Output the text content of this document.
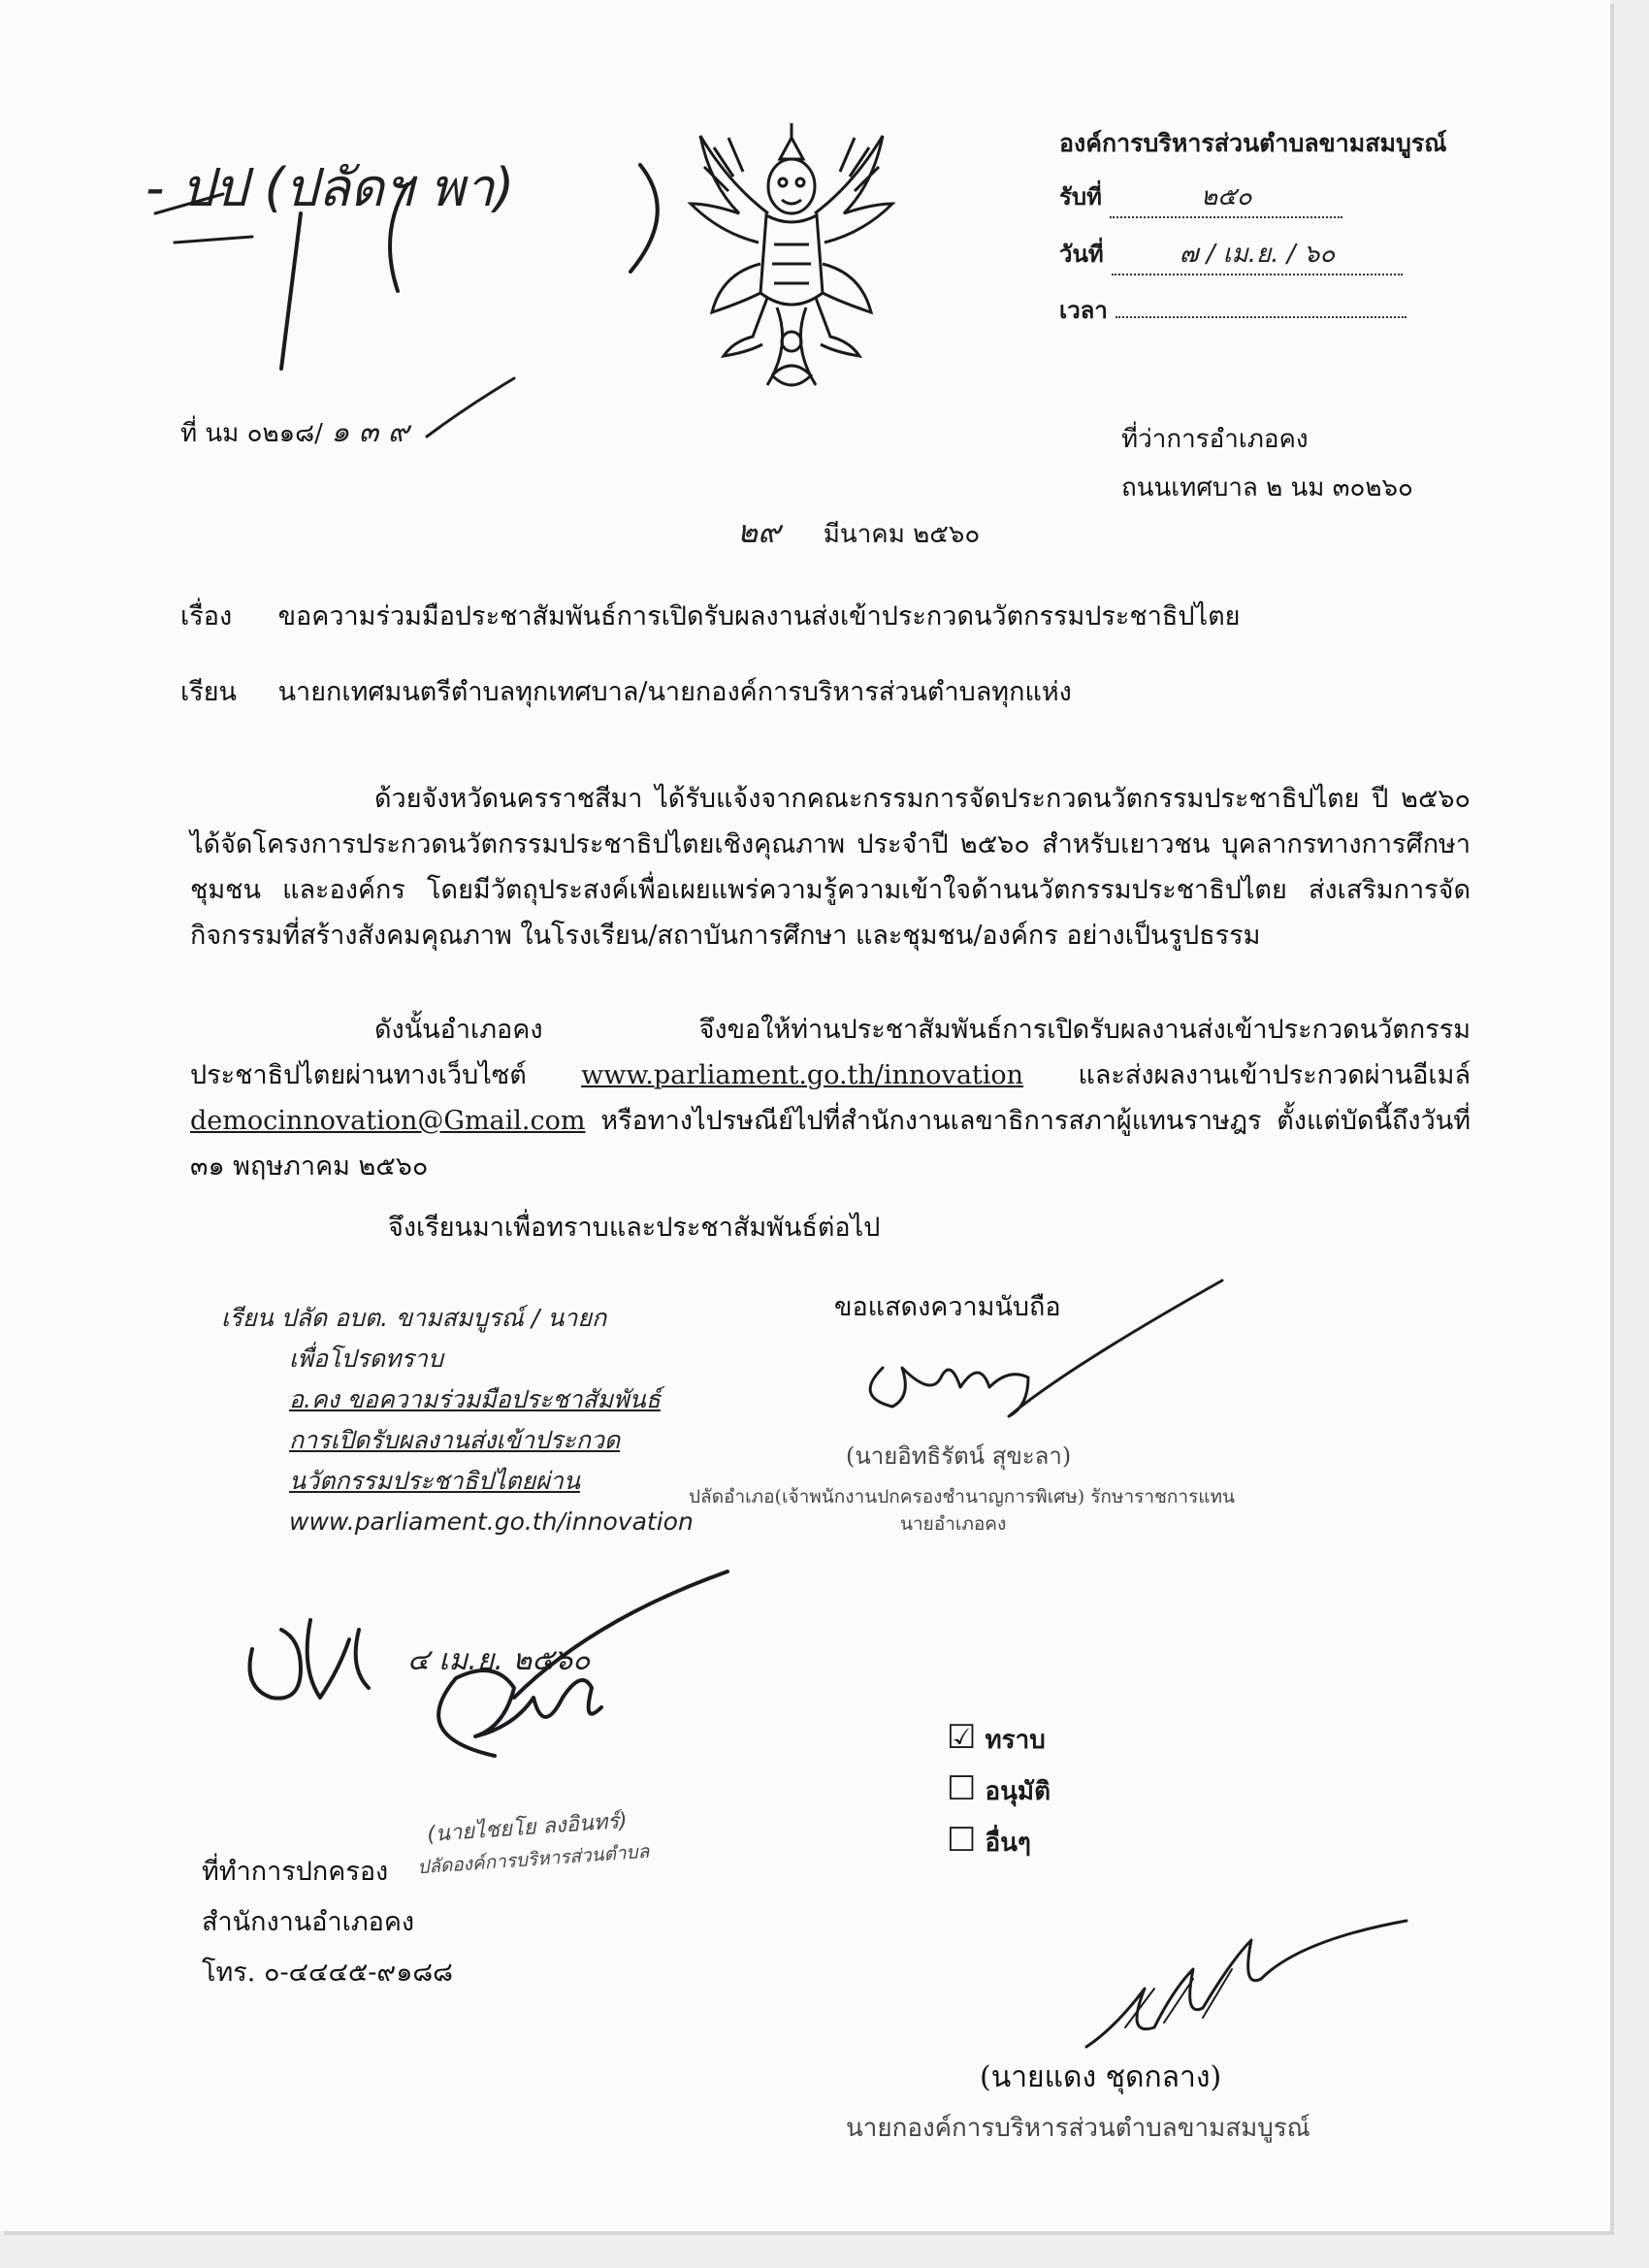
องค์การบริหารส่วนตำบลขามสมบูรณ์
รับที่	๒๕๐
วันที่	๗ / เม.ย. / ๖๐
เวลา
- ปป (ปลัดฯ พา)
ที่ นม ๐๒๑๘/ ๑ ๓ ๙	ที่ว่าการอำเภอคง
ถนนเทศบาล ๒ นม ๓๐๒๖๐
๒๙ มีนาคม ๒๕๖๐
เรื่อง ขอความร่วมมือประชาสัมพันธ์การเปิดรับผลงานส่งเข้าประกวดนวัตกรรมประชาธิปไตย
เรียน นายกเทศมนตรีตำบลทุกเทศบาล/นายกองค์การบริหารส่วนตำบลทุกแห่ง
ด้วยจังหวัดนครราชสีมา ได้รับแจ้งจากคณะกรรมการจัดประกวดนวัตกรรมประชาธิปไตย ปี ๒๕๖๐ ได้จัดโครงการประกวดนวัตกรรมประชาธิปไตยเชิงคุณภาพ ประจำปี ๒๕๖๐ สำหรับเยาวชน บุคลากรทางการศึกษา ชุมชน และองค์กร โดยมีวัตถุประสงค์เพื่อเผยแพร่ความรู้ความเข้าใจด้านนวัตกรรมประชาธิปไตย ส่งเสริมการจัดกิจกรรมที่สร้างสังคมคุณภาพ ในโรงเรียน/สถาบันการศึกษา และชุมชน/องค์กร อย่างเป็นรูปธรรม
ดังนั้นอำเภอคง จึงขอให้ท่านประชาสัมพันธ์การเปิดรับผลงานส่งเข้าประกวดนวัตกรรมประชาธิปไตยผ่านทางเว็บไซต์ www.parliament.go.th/innovation และส่งผลงานเข้าประกวดผ่านอีเมล์ democinnovation@Gmail.com หรือทางไปรษณีย์ไปที่สำนักงานเลขาธิการสภาผู้แทนราษฎร ตั้งแต่บัดนี้ถึงวันที่ ๓๑ พฤษภาคม ๒๕๖๐
จึงเรียนมาเพื่อทราบและประชาสัมพันธ์ต่อไป
เรียน ปลัด อบต. ขามสมบูรณ์ / นายก
เพื่อโปรดทราบ
อ.คง ขอความร่วมมือประชาสัมพันธ์
การเปิดรับผลงานส่งเข้าประกวด
นวัตกรรมประชาธิปไตยผ่าน
www.parliament.go.th/innovation
๔ เม.ย. ๒๕๖๐
ขอแสดงความนับถือ
(นายอิทธิรัตน์ สุขะลา)
ปลัดอำเภอ(เจ้าพนักงานปกครองชำนาญการพิเศษ) รักษาราชการแทน
นายอำเภอคง
(นายไชยโย ลงอินทร์)
ปลัดองค์การบริหารส่วนตำบล
☑ ทราบ
☐ อนุมัติ
☐ อื่นๆ
ที่ทำการปกครอง
สำนักงานอำเภอคง
โทร. ๐-๔๔๔๕-๙๑๘๘
(นายแดง ชุดกลาง)
นายกองค์การบริหารส่วนตำบลขามสมบูรณ์
